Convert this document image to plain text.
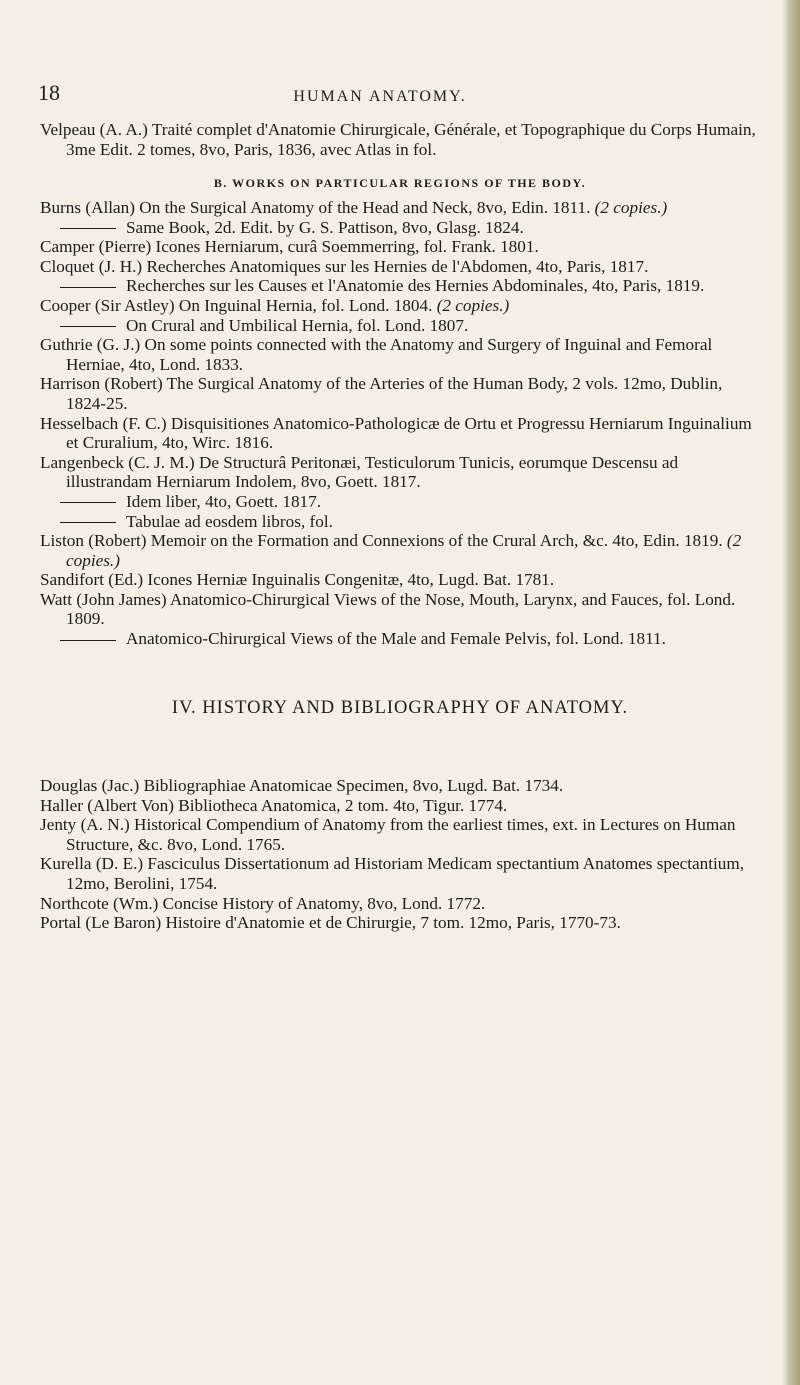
18	HUMAN ANATOMY.

Velpeau (A. A.) Traité complet d'Anatomie Chirurgicale, Générale, et Topographique du Corps Humain, 3me Edit. 2 tomes, 8vo, Paris, 1836, avec Atlas in fol.

B. WORKS ON PARTICULAR REGIONS OF THE BODY.

Burns (Allan) On the Surgical Anatomy of the Head and Neck, 8vo, Edin. 1811. (2 copies.)

Same Book, 2d. Edit. by G. S. Pattison, 8vo, Glasg. 1824.

Camper (Pierre) Icones Herniarum, curâ Soemmerring, fol. Frank. 1801.

Cloquet (J. H.) Recherches Anatomiques sur les Hernies de l'Abdomen, 4to, Paris, 1817.

Recherches sur les Causes et l'Anatomie des Hernies Abdominales, 4to, Paris, 1819.

Cooper (Sir Astley) On Inguinal Hernia, fol. Lond. 1804. (2 copies.)

On Crural and Umbilical Hernia, fol. Lond. 1807.

Guthrie (G. J.) On some points connected with the Anatomy and Surgery of Inguinal and Femoral Herniae, 4to, Lond. 1833.

Harrison (Robert) The Surgical Anatomy of the Arteries of the Human Body, 2 vols. 12mo, Dublin, 1824-25.

Hesselbach (F. C.) Disquisitiones Anatomico-Pathologicæ de Ortu et Progressu Herniarum Inguinalium et Cruralium, 4to, Wirc. 1816.

Langenbeck (C. J. M.) De Structurâ Peritonæi, Testiculorum Tunicis, eorumque Descensu ad illustrandam Herniarum Indolem, 8vo, Goett. 1817.

Idem liber, 4to, Goett. 1817.

Tabulae ad eosdem libros, fol.

Liston (Robert) Memoir on the Formation and Connexions of the Crural Arch, &c. 4to, Edin. 1819. (2 copies.)

Sandifort (Ed.) Icones Herniæ Inguinalis Congenitæ, 4to, Lugd. Bat. 1781.

Watt (John James) Anatomico-Chirurgical Views of the Nose, Mouth, Larynx, and Fauces, fol. Lond. 1809.

Anatomico-Chirurgical Views of the Male and Female Pelvis, fol. Lond. 1811.

IV. HISTORY AND BIBLIOGRAPHY OF ANATOMY.

Douglas (Jac.) Bibliographiae Anatomicae Specimen, 8vo, Lugd. Bat. 1734.

Haller (Albert Von) Bibliotheca Anatomica, 2 tom. 4to, Tigur. 1774.

Jenty (A. N.) Historical Compendium of Anatomy from the earliest times, ext. in Lectures on Human Structure, &c. 8vo, Lond. 1765.

Kurella (D. E.) Fasciculus Dissertationum ad Historiam Medicam spectantium Anatomes spectantium, 12mo, Berolini, 1754.

Northcote (Wm.) Concise History of Anatomy, 8vo, Lond. 1772.

Portal (Le Baron) Histoire d'Anatomie et de Chirurgie, 7 tom. 12mo, Paris, 1770-73.
